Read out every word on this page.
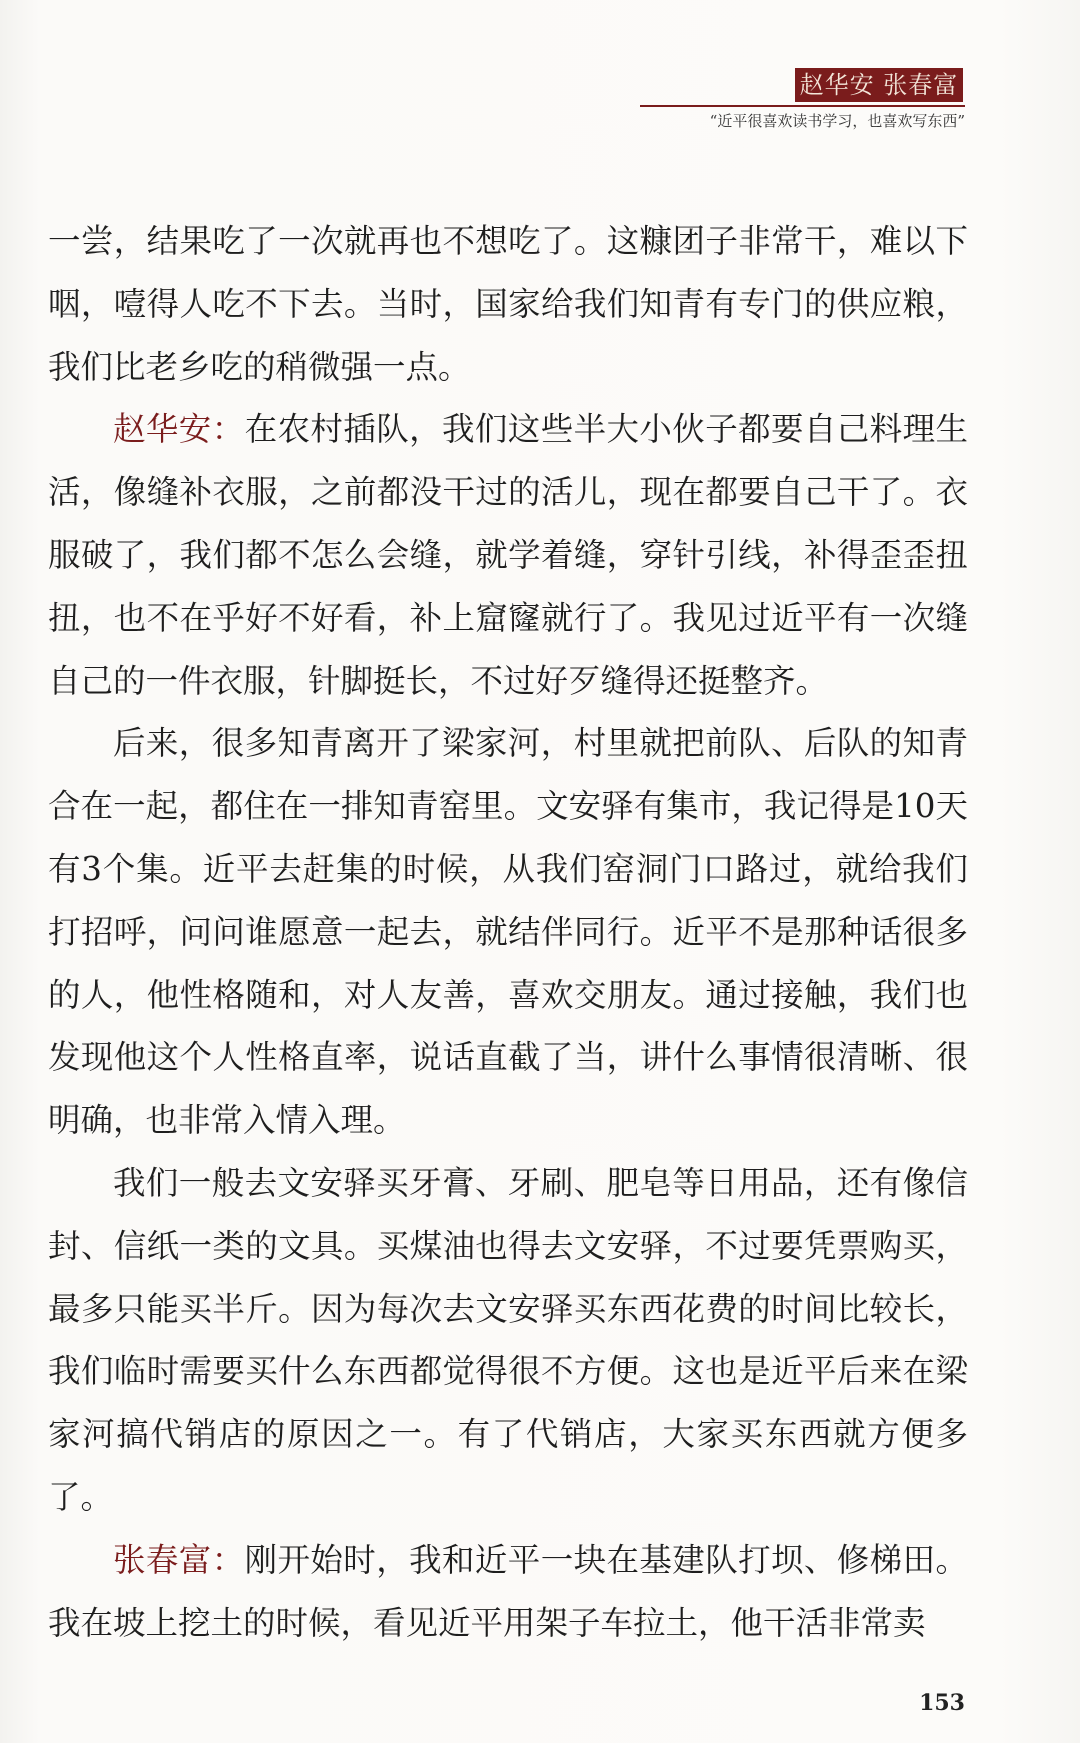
赵华安 张春富
“近平很喜欢读书学习，也喜欢写东西”

一尝，结果吃了一次就再也不想吃了。这糠团子非常干，难以下咽，噎得人吃不下去。当时，国家给我们知青有专门的供应粮，我们比老乡吃的稍微强一点。

赵华安：在农村插队，我们这些半大小伙子都要自己料理生活，像缝补衣服，之前都没干过的活儿，现在都要自己干了。衣服破了，我们都不怎么会缝，就学着缝，穿针引线，补得歪歪扭扭，也不在乎好不好看，补上窟窿就行了。我见过近平有一次缝自己的一件衣服，针脚挺长，不过好歹缝得还挺整齐。

后来，很多知青离开了梁家河，村里就把前队、后队的知青合在一起，都住在一排知青窑里。文安驿有集市，我记得是10天有3个集。近平去赶集的时候，从我们窑洞门口路过，就给我们打招呼，问问谁愿意一起去，就结伴同行。近平不是那种话很多的人，他性格随和，对人友善，喜欢交朋友。通过接触，我们也发现他这个人性格直率，说话直截了当，讲什么事情很清晰、很明确，也非常入情入理。

我们一般去文安驿买牙膏、牙刷、肥皂等日用品，还有像信封、信纸一类的文具。买煤油也得去文安驿，不过要凭票购买，最多只能买半斤。因为每次去文安驿买东西花费的时间比较长，我们临时需要买什么东西都觉得很不方便。这也是近平后来在梁家河搞代销店的原因之一。有了代销店，大家买东西就方便多了。

张春富：刚开始时，我和近平一块在基建队打坝、修梯田。我在坡上挖土的时候，看见近平用架子车拉土，他干活非常卖

153
